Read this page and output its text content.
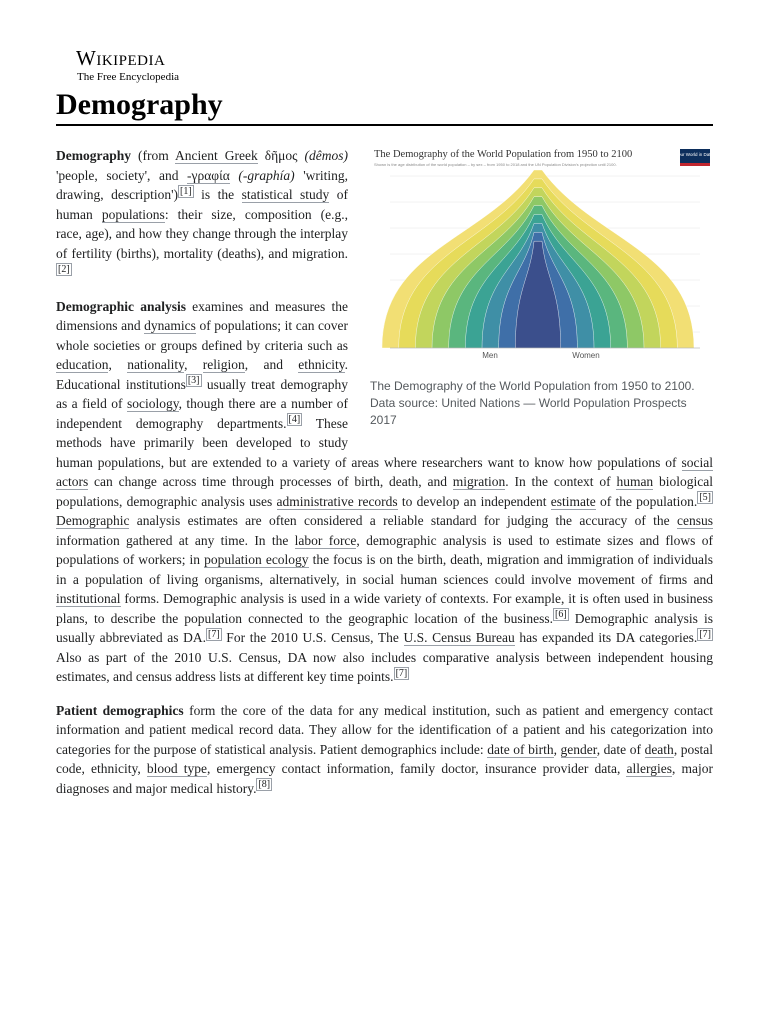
Wikipedia
The Free Encyclopedia
Demography
The Demography of the World Population from 1950 to 2100
Shown is the age distribution of the world population – by sex – from 1950 to 2018 and the UN Population Division's projection until 2100.
Our World in Data
Men	Women
The Demography of the World Population from 1950 to 2100. Data source: United Nations — World Population Prospects 2017

Demography (from Ancient Greek δῆμος (dêmos) 'people, society', and -γραφία (-graphía) 'writing, drawing, description') [1] is the statistical study of human populations: their size, composition (e.g., race, age), and how they change through the interplay of fertility (births), mortality (deaths), and migration.[2]

Demographic analysis examines and measures the dimensions and dynamics of populations; it can cover whole societies or groups defined by criteria such as education, nationality, religion, and ethnicity. Educational institutions [3] usually treat demography as a field of sociology, though there are a number of independent demography departments. [4] These methods have primarily been developed to study human populations, but are extended to a variety of areas where researchers want to know how populations of social actors can change across time through processes of birth, death, and migration. In the context of human biological populations, demographic analysis uses administrative records to develop an independent estimate of the population. [5] Demographic analysis estimates are often considered a reliable standard for judging the accuracy of the census information gathered at any time. In the labor force, demographic analysis is used to estimate sizes and flows of populations of workers; in population ecology the focus is on the birth, death, migration and immigration of individuals in a population of living organisms, alternatively, in social human sciences could involve movement of firms and institutional forms. Demographic analysis is used in a wide variety of contexts. For example, it is often used in business plans, to describe the population connected to the geographic location of the business. [6] Demographic analysis is usually abbreviated as DA. [7] For the 2010 U.S. Census, The U.S. Census Bureau has expanded its DA categories. [7] Also as part of the 2010 U.S. Census, DA now also includes comparative analysis between independent housing estimates, and census address lists at different key time points. [7]

Patient demographics form the core of the data for any medical institution, such as patient and emergency contact information and patient medical record data. They allow for the identification of a patient and his categorization into categories for the purpose of statistical analysis. Patient demographics include: date of birth, gender, date of death, postal code, ethnicity, blood type, emergency contact information, family doctor, insurance provider data, allergies, major diagnoses and major medical history. [8]
